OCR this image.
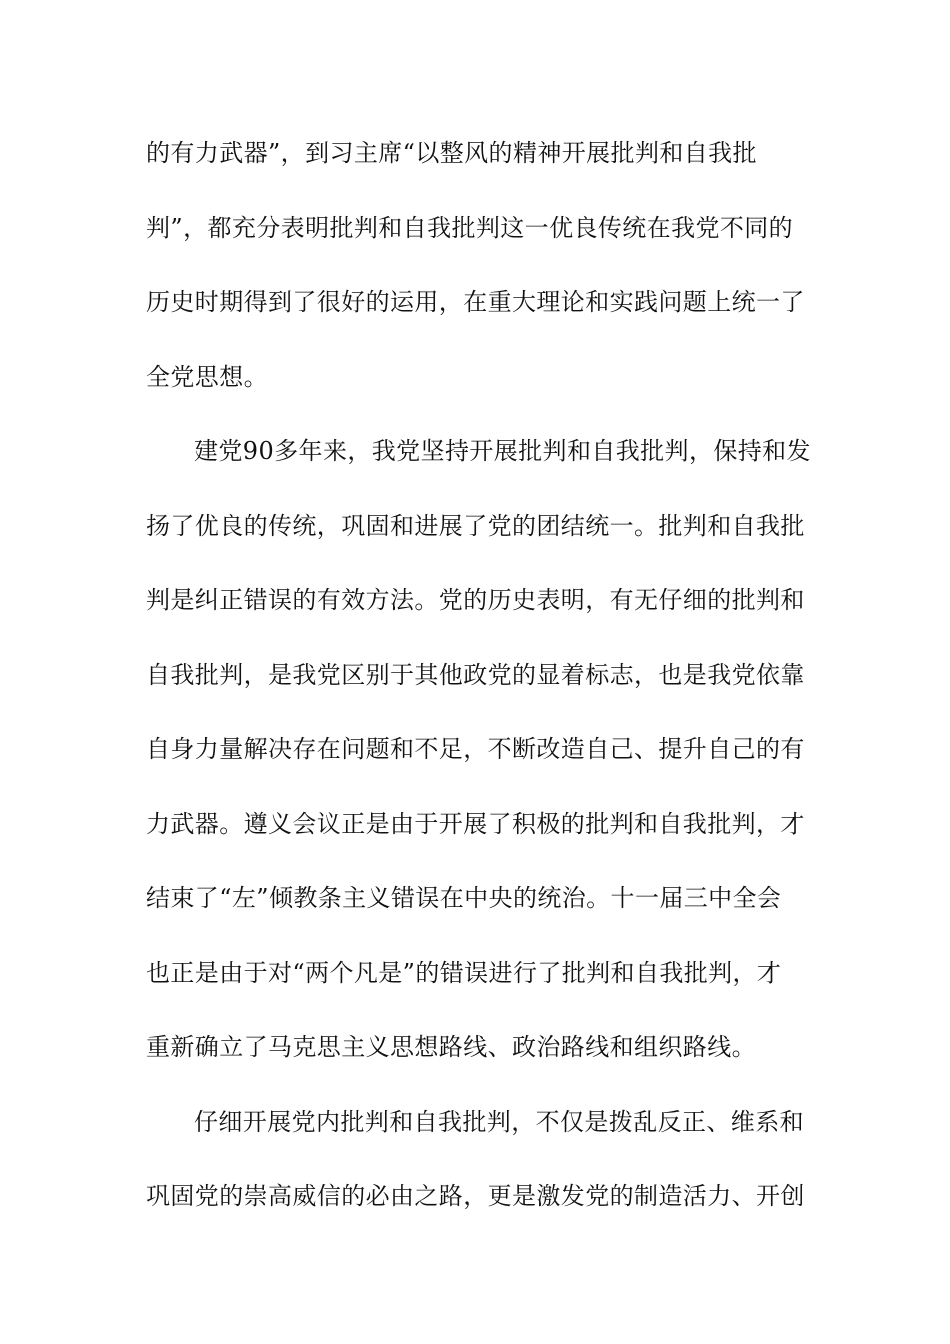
的有力武器”，到习主席“以整风的精神开展批判和自我批
判”，都充分表明批判和自我批判这一优良传统在我党不同的
历史时期得到了很好的运用，在重大理论和实践问题上统一了
全党思想。
建党90多年来，我党坚持开展批判和自我批判，保持和发
扬了优良的传统，巩固和进展了党的团结统一。批判和自我批
判是纠正错误的有效方法。党的历史表明，有无仔细的批判和
自我批判，是我党区别于其他政党的显着标志，也是我党依靠
自身力量解决存在问题和不足，不断改造自己、提升自己的有
力武器。遵义会议正是由于开展了积极的批判和自我批判，才
结束了“左”倾教条主义错误在中央的统治。十一届三中全会
也正是由于对“两个凡是”的错误进行了批判和自我批判，才
重新确立了马克思主义思想路线、政治路线和组织路线。
仔细开展党内批判和自我批判，不仅是拨乱反正、维系和
巩固党的崇高威信的必由之路，更是激发党的制造活力、开创
